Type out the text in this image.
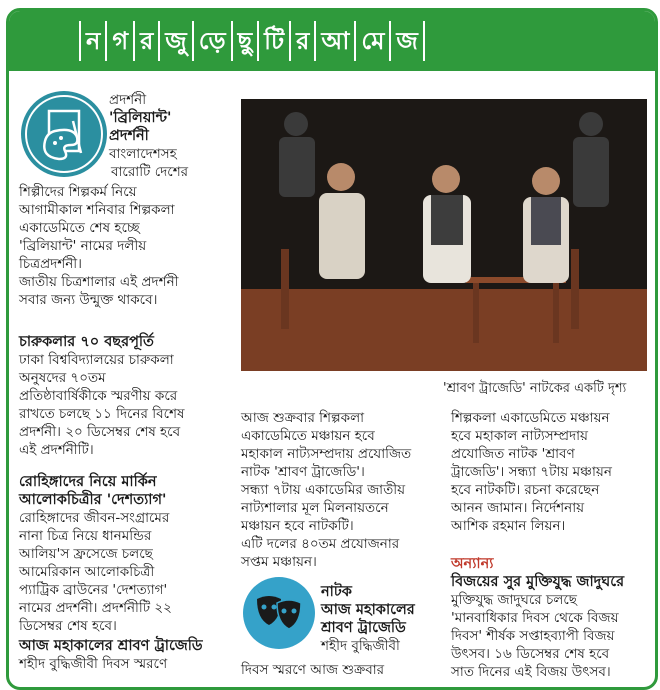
ন গ র জু ড়ে ছু টি র আ মে জ
প্রদর্শনী
'ব্রিলিয়ান্ট'
প্রদর্শনী
বাংলাদেশসহ
বারোটি দেশের
শিল্পীদের শিল্পকর্ম নিয়ে
আগামীকাল শনিবার শিল্পকলা
একাডেমিতে শেষ হচ্ছে
'ব্রিলিয়ান্ট' নামের দলীয়
চিত্রপ্রদর্শনী।
জাতীয় চিত্রশালার এই প্রদর্শনী
সবার জন্য উন্মুক্ত থাকবে।
চারুকলার ৭০ বছরপূর্তি
ঢাকা বিশ্ববিদ্যালয়ের চারুকলা
অনুষদের ৭০তম
প্রতিষ্ঠাবার্ষিকীকে স্মরণীয় করে
রাখতে চলছে ১১ দিনের বিশেষ
প্রদর্শনী। ২০ ডিসেম্বর শেষ হবে
এই প্রদর্শনীটি।
রোহিঙ্গাদের নিয়ে মার্কিন
আলোকচিত্রীর 'দেশত্যাগ'
রোহিঙ্গাদের জীবন-সংগ্রামের
নানা চিত্র নিয়ে ধানমন্ডির
আলিয়'স ফ্রসেজে চলছে
আমেরিকান আলোকচিত্রী
প্যাট্রিক ব্রাউনের 'দেশত্যাগ'
নামের প্রদর্শনী। প্রদর্শনীটি ২২
ডিসেম্বর শেষ হবে।
আজ মহাকালের শ্রাবণ ট্রাজেডি
শহীদ বুদ্ধিজীবী দিবস স্মরণে
'শ্রাবণ ট্রাজেডি' নাটকের একটি দৃশ্য
আজ শুক্রবার শিল্পকলা
একাডেমিতে মঞ্চায়ন হবে
মহাকাল নাট্যসম্প্রদায় প্রযোজিত
নাটক 'শ্রাবণ ট্রাজেডি'।
সন্ধ্যা ৭টায় একাডেমির জাতীয়
নাট্যশালার মূল মিলনায়তনে
মঞ্চায়ন হবে নাটকটি।
এটি দলের ৪০তম প্রযোজনার
সপ্তম মঞ্চায়ন।
নাটক
আজ মহাকালের
শ্রাবণ ট্রাজেডি
শহীদ বুদ্ধিজীবী
দিবস স্মরণে আজ শুক্রবার
শিল্পকলা একাডেমিতে মঞ্চায়ন
হবে মহাকাল নাট্যসম্প্রদায়
প্রযোজিত নাটক 'শ্রাবণ
ট্রাজেডি'। সন্ধ্যা ৭টায় মঞ্চায়ন
হবে নাটকটি। রচনা করেছেন
আনন জামান। নির্দেশনায়
আশিক রহমান লিয়ন।
অন্যান্য
বিজয়ের সুর মুক্তিযুদ্ধ জাদুঘরে
মুক্তিযুদ্ধ জাদুঘরে চলছে
'মানবাধিকার দিবস থেকে বিজয়
দিবস' শীর্ষক সপ্তাহব্যাপী বিজয়
উৎসব। ১৬ ডিসেম্বর শেষ হবে
সাত দিনের এই বিজয় উৎসব।
